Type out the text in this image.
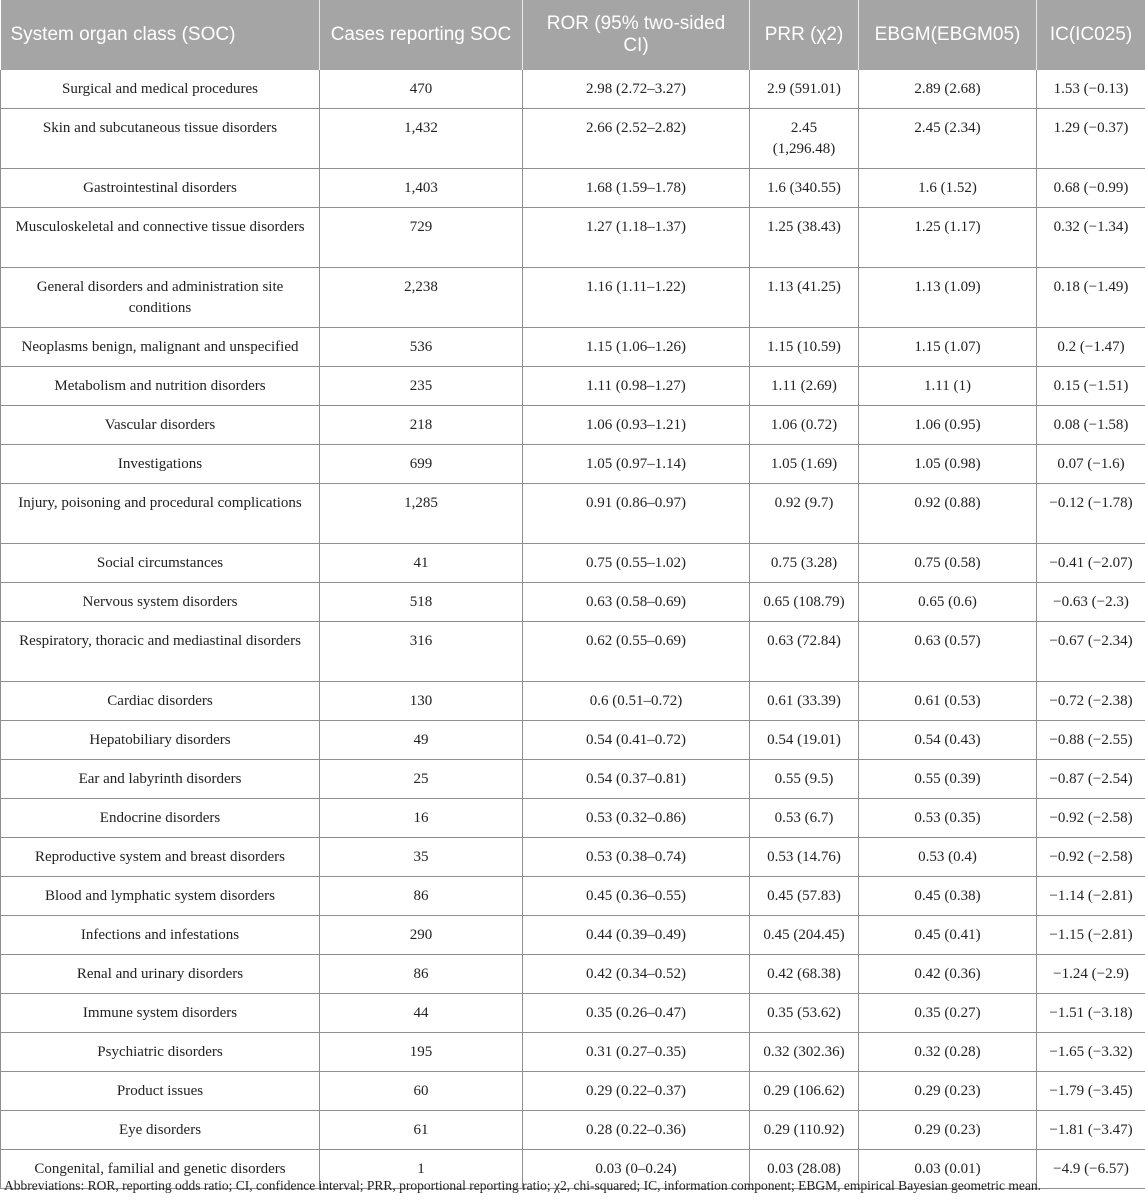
System organ class (SOC)	Cases reporting SOC	ROR (95% two-sided CI)	PRR (χ2)	EBGM(EBGM05)	IC(IC025)
Surgical and medical procedures	470	2.98 (2.72–3.27)	2.9 (591.01)	2.89 (2.68)	1.53 (−0.13)
Skin and subcutaneous tissue disorders	1,432	2.66 (2.52–2.82)	2.45 (1,296.48)	2.45 (2.34)	1.29 (−0.37)
Gastrointestinal disorders	1,403	1.68 (1.59–1.78)	1.6 (340.55)	1.6 (1.52)	0.68 (−0.99)
Musculoskeletal and connective tissue disorders	729	1.27 (1.18–1.37)	1.25 (38.43)	1.25 (1.17)	0.32 (−1.34)
General disorders and administration site conditions	2,238	1.16 (1.11–1.22)	1.13 (41.25)	1.13 (1.09)	0.18 (−1.49)
Neoplasms benign, malignant and unspecified	536	1.15 (1.06–1.26)	1.15 (10.59)	1.15 (1.07)	0.2 (−1.47)
Metabolism and nutrition disorders	235	1.11 (0.98–1.27)	1.11 (2.69)	1.11 (1)	0.15 (−1.51)
Vascular disorders	218	1.06 (0.93–1.21)	1.06 (0.72)	1.06 (0.95)	0.08 (−1.58)
Investigations	699	1.05 (0.97–1.14)	1.05 (1.69)	1.05 (0.98)	0.07 (−1.6)
Injury, poisoning and procedural complications	1,285	0.91 (0.86–0.97)	0.92 (9.7)	0.92 (0.88)	−0.12 (−1.78)
Social circumstances	41	0.75 (0.55–1.02)	0.75 (3.28)	0.75 (0.58)	−0.41 (−2.07)
Nervous system disorders	518	0.63 (0.58–0.69)	0.65 (108.79)	0.65 (0.6)	−0.63 (−2.3)
Respiratory, thoracic and mediastinal disorders	316	0.62 (0.55–0.69)	0.63 (72.84)	0.63 (0.57)	−0.67 (−2.34)
Cardiac disorders	130	0.6 (0.51–0.72)	0.61 (33.39)	0.61 (0.53)	−0.72 (−2.38)
Hepatobiliary disorders	49	0.54 (0.41–0.72)	0.54 (19.01)	0.54 (0.43)	−0.88 (−2.55)
Ear and labyrinth disorders	25	0.54 (0.37–0.81)	0.55 (9.5)	0.55 (0.39)	−0.87 (−2.54)
Endocrine disorders	16	0.53 (0.32–0.86)	0.53 (6.7)	0.53 (0.35)	−0.92 (−2.58)
Reproductive system and breast disorders	35	0.53 (0.38–0.74)	0.53 (14.76)	0.53 (0.4)	−0.92 (−2.58)
Blood and lymphatic system disorders	86	0.45 (0.36–0.55)	0.45 (57.83)	0.45 (0.38)	−1.14 (−2.81)
Infections and infestations	290	0.44 (0.39–0.49)	0.45 (204.45)	0.45 (0.41)	−1.15 (−2.81)
Renal and urinary disorders	86	0.42 (0.34–0.52)	0.42 (68.38)	0.42 (0.36)	−1.24 (−2.9)
Immune system disorders	44	0.35 (0.26–0.47)	0.35 (53.62)	0.35 (0.27)	−1.51 (−3.18)
Psychiatric disorders	195	0.31 (0.27–0.35)	0.32 (302.36)	0.32 (0.28)	−1.65 (−3.32)
Product issues	60	0.29 (0.22–0.37)	0.29 (106.62)	0.29 (0.23)	−1.79 (−3.45)
Eye disorders	61	0.28 (0.22–0.36)	0.29 (110.92)	0.29 (0.23)	−1.81 (−3.47)
Congenital, familial and genetic disorders	1	0.03 (0–0.24)	0.03 (28.08)	0.03 (0.01)	−4.9 (−6.57)
Abbreviations: ROR, reporting odds ratio; CI, confidence interval; PRR, proportional reporting ratio; χ2, chi-squared; IC, information component; EBGM, empirical Bayesian geometric mean.
